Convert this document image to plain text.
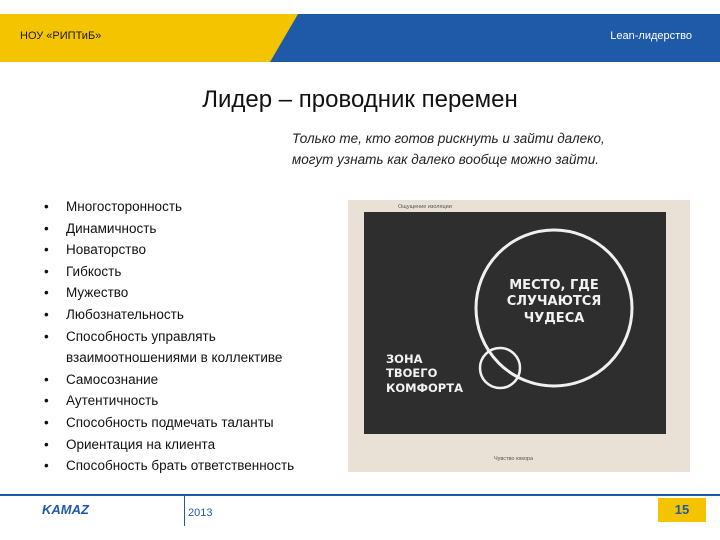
НОУ «РИПТиБ»	Lean-лидерство
Лидер – проводник перемен
Только те, кто готов рискнуть и зайти далеко,
могут узнать как далеко вообще можно зайти.
• Многосторонность
• Динамичность
• Новаторство
• Гибкость
• Мужество
• Любознательность
• Способность управлять
взаимоотношениями в коллективе
• Самосознание
• Аутентичность
• Способность подмечать таланты
• Ориентация на клиента
• Способность брать ответственность
Ощущение изоляции
Чувство юмора
МЕСТО, ГДЕ
СЛУЧАЮТСЯ
ЧУДЕСА
ЗОНА
ТВОЕГО
КОМФОРТА
KAMAZ	2013	15
